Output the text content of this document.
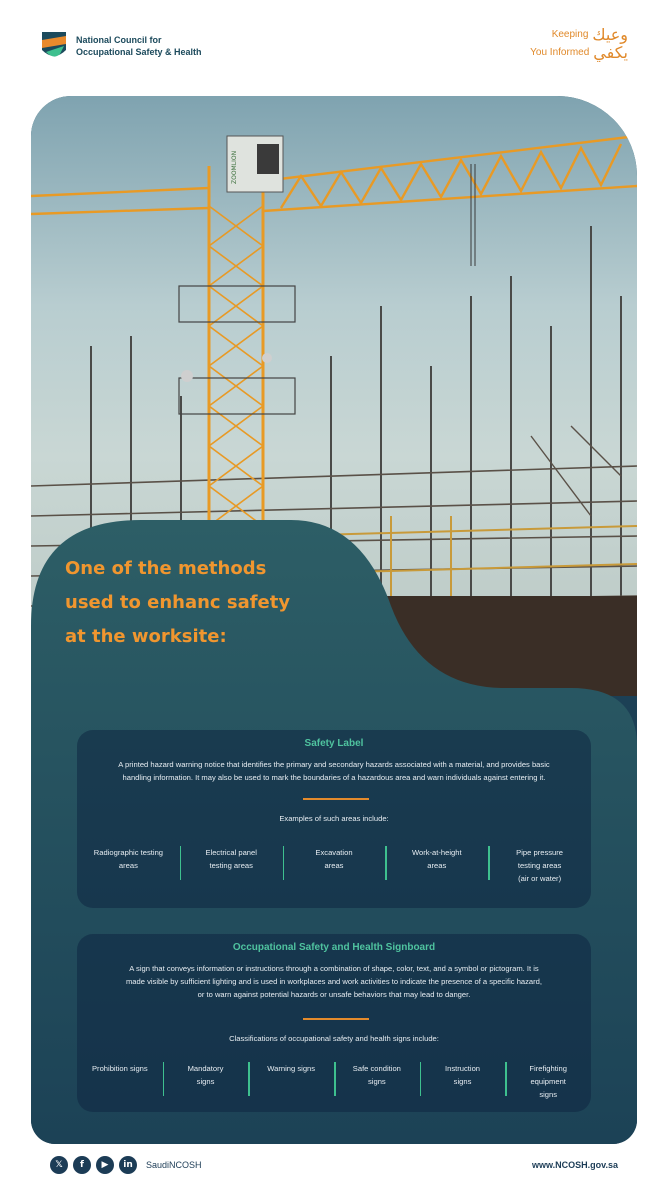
National Council for
Occupational Safety & Health
Keeping وعيك
You Informed يكفي
ZOOMLION
One of the methods
used to enhanc safety
at the worksite:
Safety Label
A printed hazard warning notice that identifies the primary and secondary hazards associated with a material, and provides basic
handling information. It may also be used to mark the boundaries of a hazardous area and warn individuals against entering it.
Examples of such areas include:
Radiographic testing
areas
Electrical panel
testing areas
Excavation
areas
Work-at-height
areas
Pipe pressure
testing areas
(air or water)
Occupational Safety and Health Signboard
A sign that conveys information or instructions through a combination of shape, color, text, and a symbol or pictogram. It is
made visible by sufficient lighting and is used in workplaces and work activities to indicate the presence of a specific hazard,
or to warn against potential hazards or unsafe behaviors that may lead to danger.
Classifications of occupational safety and health signs include:
Prohibition signs	Mandatory
signs
Warning signs	Safe condition
signs
Instruction
signs
Firefighting
equipment
signs
𝕏	f	▶	in	SaudiNCOSH	www.NCOSH.gov.sa
